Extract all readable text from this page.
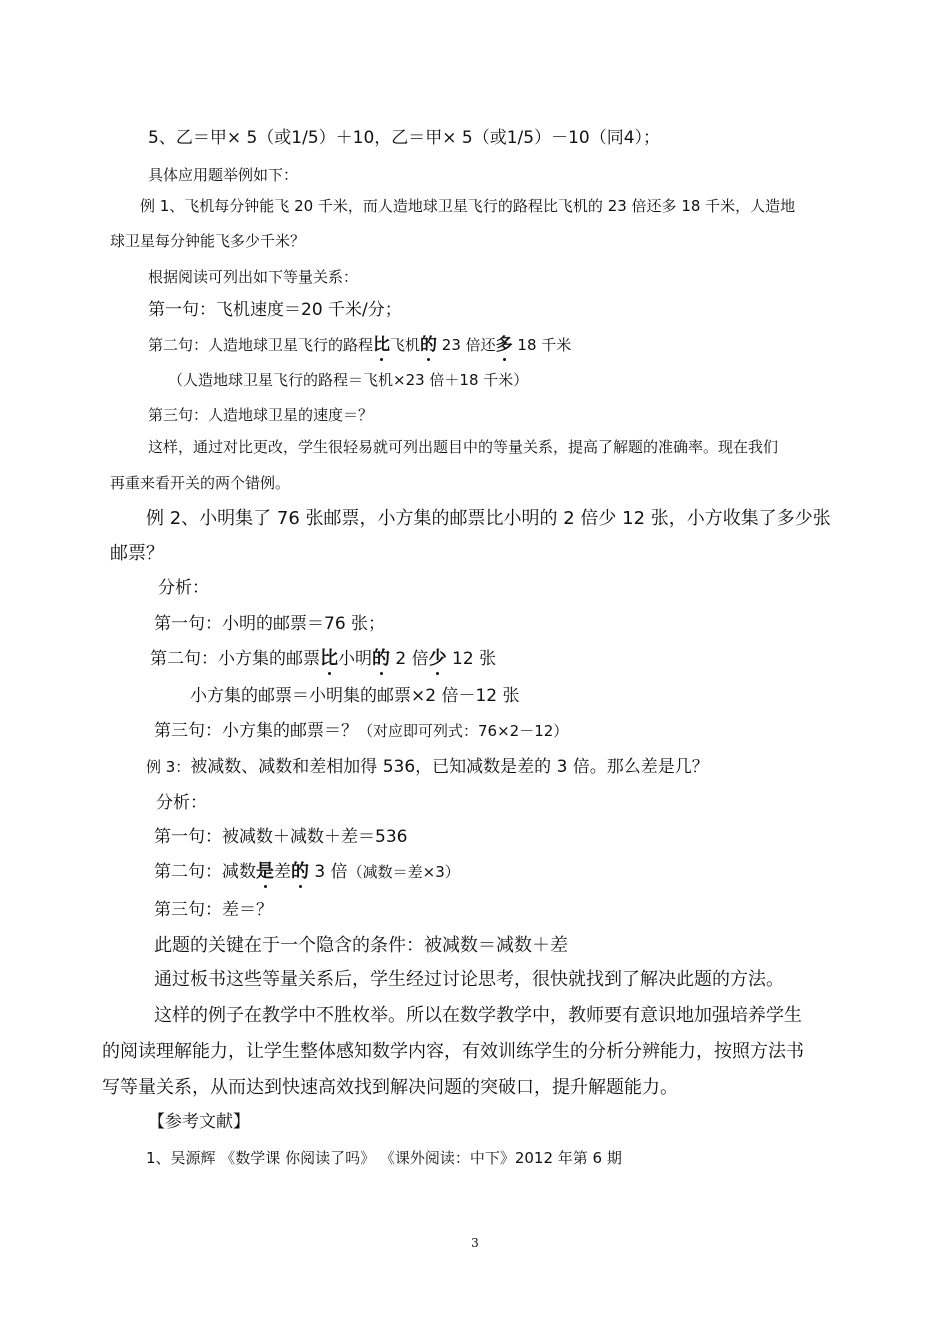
5、乙＝甲× 5（或1/5）＋10，乙＝甲× 5（或1/5）－10（同4）；
具体应用题举例如下：
例 1、飞机每分钟能飞 20 千米，而人造地球卫星飞行的路程比飞机的 23 倍还多 18 千米，人造地
球卫星每分钟能飞多少千米？
根据阅读可列出如下等量关系：
第一句：飞机速度＝20 千米/分；
第二句：人造地球卫星飞行的路程比飞机的 23 倍还多 18 千米
（人造地球卫星飞行的路程＝飞机×23 倍＋18 千米）
第三句：人造地球卫星的速度＝？
这样，通过对比更改，学生很轻易就可列出题目中的等量关系，提高了解题的准确率。现在我们
再重来看开关的两个错例。
例 2、小明集了 76 张邮票，小方集的邮票比小明的 2 倍少 12 张，小方收集了多少张
邮票？
分析：
第一句：小明的邮票＝76 张；
第二句：小方集的邮票比小明的 2 倍少 12 张
小方集的邮票＝小明集的邮票×2 倍－12 张
第三句：小方集的邮票＝？（对应即可列式：76×2－12）
例 3：被减数、减数和差相加得 536，已知减数是差的 3 倍。那么差是几？
分析：
第一句：被减数＋减数＋差＝536
第二句：减数是差的 3 倍（减数＝差×3）
第三句：差＝？
此题的关键在于一个隐含的条件：被减数＝减数＋差
通过板书这些等量关系后，学生经过讨论思考，很快就找到了解决此题的方法。
这样的例子在教学中不胜枚举。所以在数学教学中，教师要有意识地加强培养学生
的阅读理解能力，让学生整体感知数学内容，有效训练学生的分析分辨能力，按照方法书
写等量关系，从而达到快速高效找到解决问题的突破口，提升解题能力。
【参考文献】
1、吴源辉 《数学课 你阅读了吗》 《课外阅读：中下》2012 年第 6 期
3
